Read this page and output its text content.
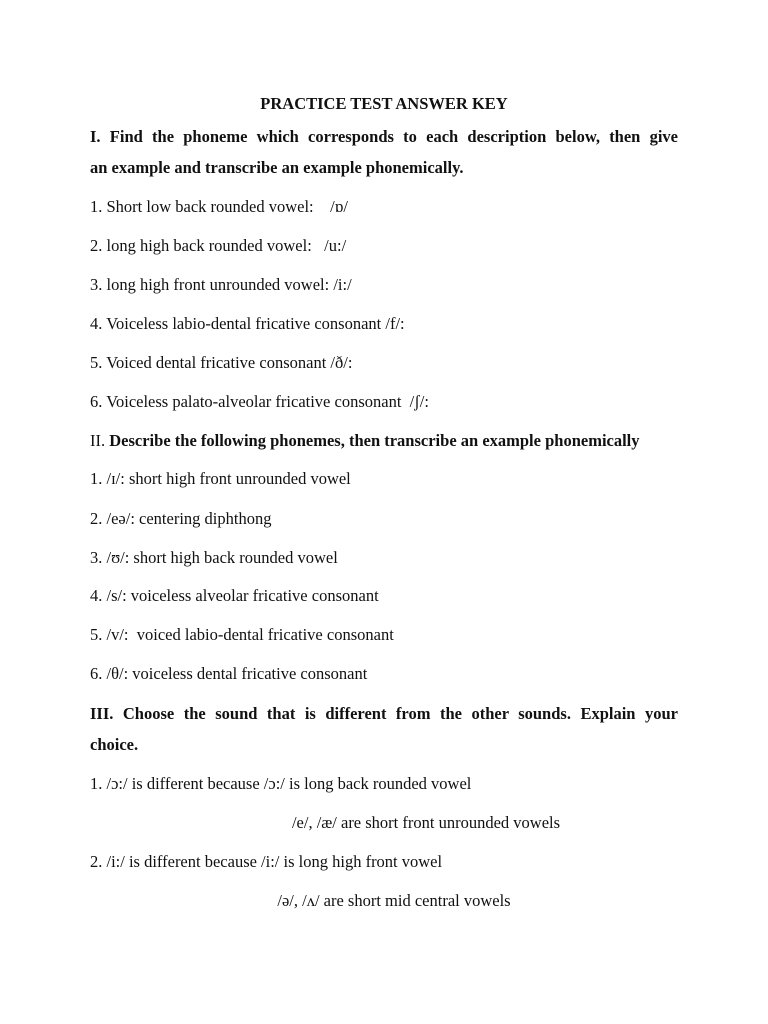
PRACTICE TEST ANSWER KEY
I. Find the phoneme which corresponds to each description below, then give
an example and transcribe an example phonemically.
1. Short low back rounded vowel:    /ɒ/
2. long high back rounded vowel:   /u:/
3. long high front unrounded vowel: /i:/
4. Voiceless labio-dental fricative consonant /f/:
5. Voiced dental fricative consonant /ð/:
6. Voiceless palato-alveolar fricative consonant  /ʃ/:
II. Describe the following phonemes, then transcribe an example phonemically
1. /ɪ/: short high front unrounded vowel
2. /eə/: centering diphthong
3. /ʊ/: short high back rounded vowel
4. /s/: voiceless alveolar fricative consonant
5. /v/:  voiced labio-dental fricative consonant
6. /θ/: voiceless dental fricative consonant
III. Choose the sound that is different from the other sounds. Explain your
choice.
1. /ɔ:/ is different because /ɔ:/ is long back rounded vowel
/e/, /æ/ are short front unrounded vowels
2. /i:/ is different because /i:/ is long high front vowel
/ə/, /ʌ/ are short mid central vowels
